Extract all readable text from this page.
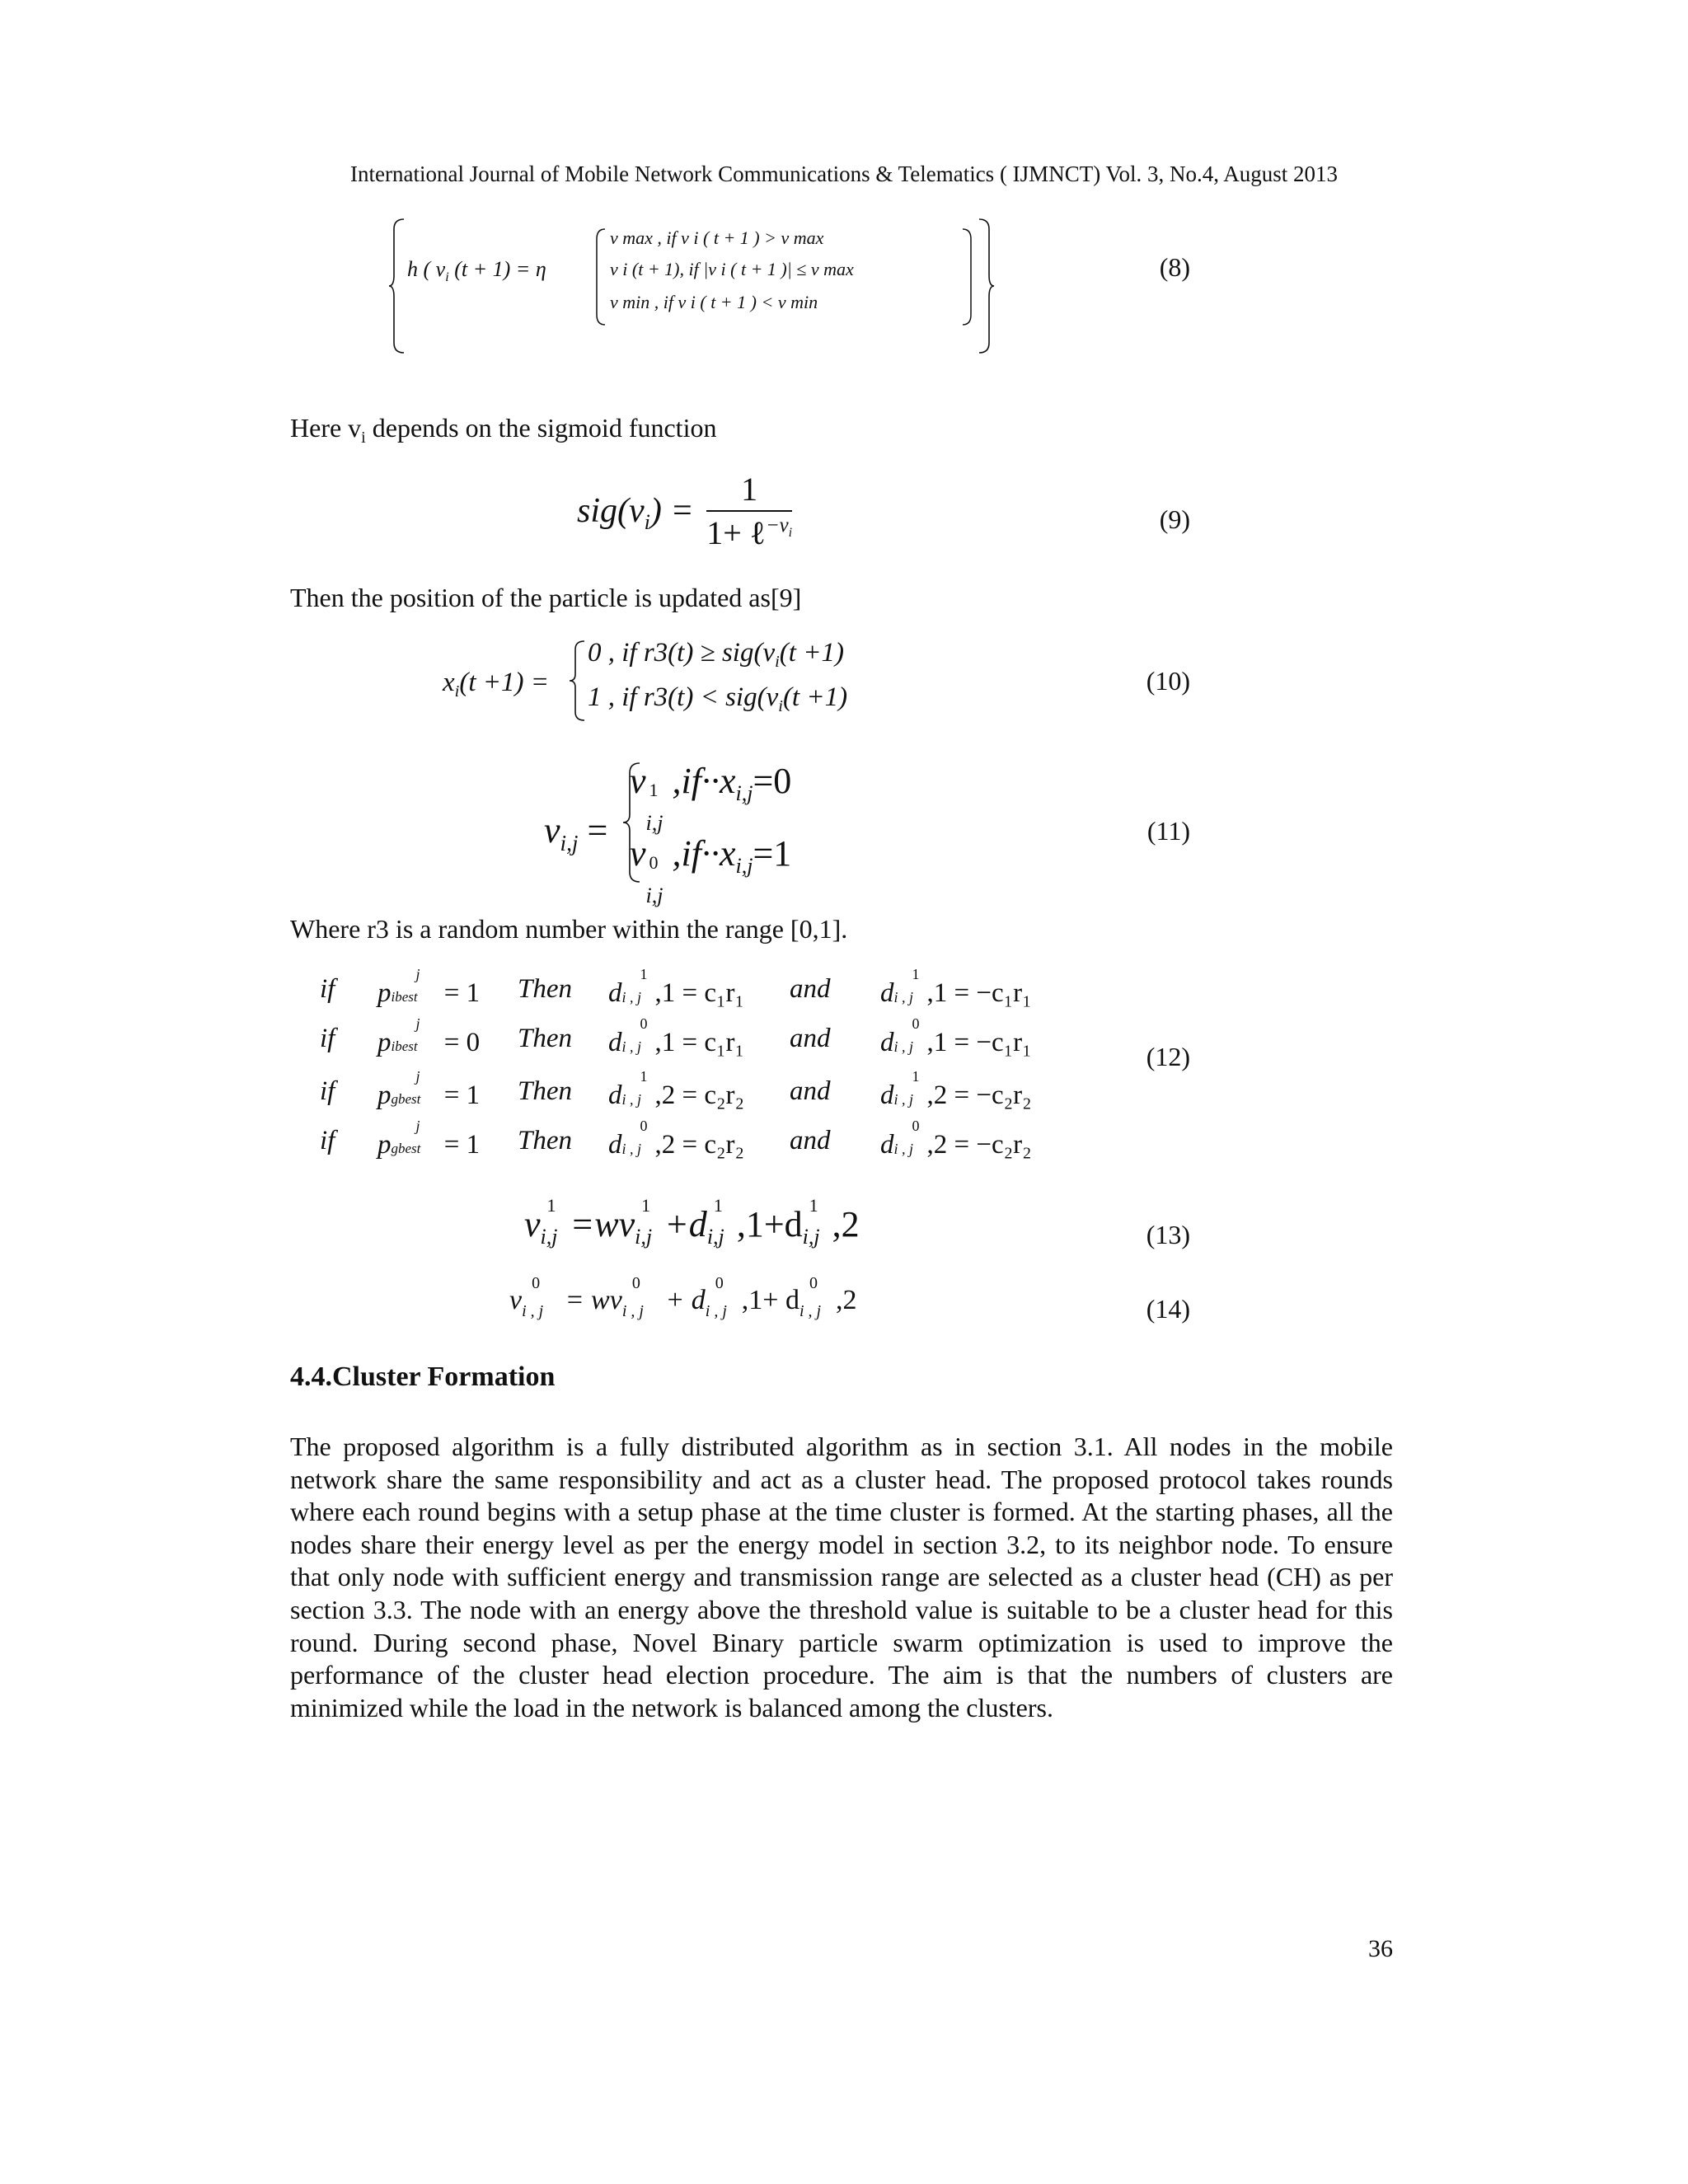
International Journal of Mobile Network Communications & Telematics ( IJMNCT) Vol. 3, No.4, August 2013
h ( $v_i$ (t + 1) = η
v max , if v i ( t + 1 ) > v max
v i (t + 1), if |v i ( t + 1 )| ≤ v max
v min , if v i ( t + 1 ) < v min
(8)
Here $v_i$ depends on the sigmoid function
$sig(v_i) = \frac{1}{1+ \ell^{-v_i}}$	(9)
Then the position of the particle is updated as[9]
$x_i(t +1)$ =
0 , if $r3(t) \ge sig(v_i(t +1)$
1 , if $r3(t) < sig(v_i(t +1)$
(10)
$v_{i,j}$ =
v 1
i,j
$,if\cdot\cdot x_{i,j}=0$
v 0
i,j
$,if\cdot\cdot x_{i,j}=1$
(11)
Where r3 is a random number within the range [0,1].
if p
j
ibest = 1 Then d
1
i , j ,1 = c₁r₁ and d
1
i , j ,1 = −c₁r₁
if p
j
ibest = 0 Then d
0
i , j ,1 = c₁r₁ and d
0
i , j ,1 = −c₁r₁
if p
j
gbest = 1 Then d
1
i , j ,2 = c₂r₂ and d
1
i , j ,2 = −c₂r₂
if p
j
gbest = 1 Then d
0
i , j ,2 = c₂r₂ and d
0
i , j ,2 = −c₂r₂
(12)
v 1
i,j =wv 1
i,j +d 1
i,j ,1+d 1
i,j ,2	(13)
v
0
i , j = wv
0
i , j + d
0
i , j ,1+ d
0
i , j ,2	(14)
4.4.Cluster Formation
The proposed algorithm is a fully distributed algorithm as in section 3.1. All nodes in the mobile network share the same responsibility and act as a cluster head. The proposed protocol takes rounds where each round begins with a setup phase at the time cluster is formed. At the starting phases, all the nodes share their energy level as per the energy model in section 3.2, to its neighbor node. To ensure that only node with sufficient energy and transmission range are selected as a cluster head (CH) as per section 3.3. The node with an energy above the threshold value is suitable to be a cluster head for this round. During second phase, Novel Binary particle swarm optimization is used to improve the performance of the cluster head election procedure. The aim is that the numbers of clusters are minimized while the load in the network is balanced among the clusters.
36
